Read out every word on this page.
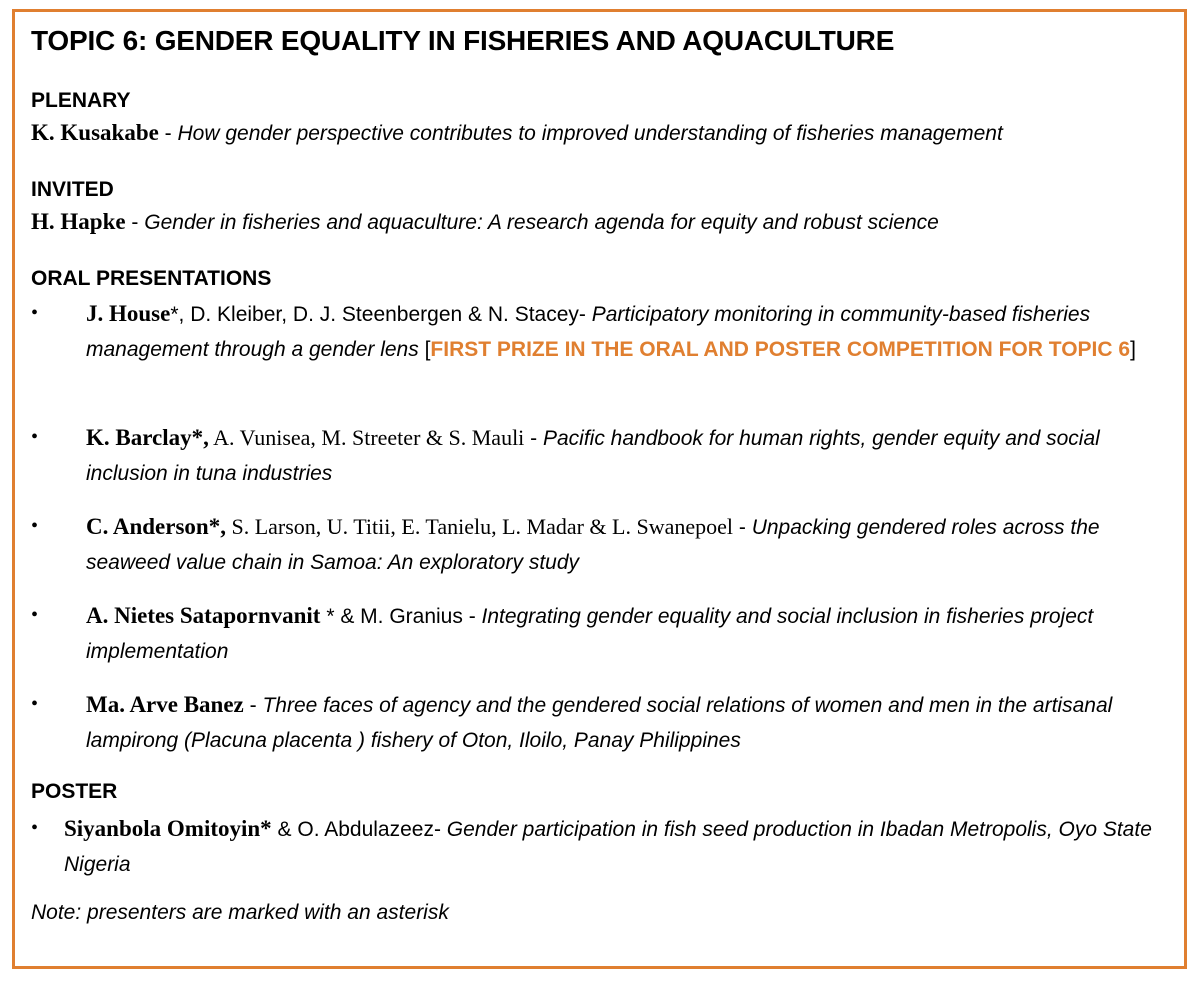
TOPIC 6: GENDER EQUALITY IN FISHERIES AND AQUACULTURE
PLENARY

K. Kusakabe - How gender perspective contributes to improved understanding of fisheries management

INVITED

H. Hapke - Gender in fisheries and aquaculture: A research agenda for equity and robust science

ORAL PRESENTATIONS
• J. House*, D. Kleiber, D. J. Steenbergen & N. Stacey- Participatory monitoring in community-based fisheries management through a gender lens [FIRST PRIZE IN THE ORAL AND POSTER COMPETITION FOR TOPIC 6]

• K. Barclay*, A. Vunisea, M. Streeter & S. Mauli - Pacific handbook for human rights, gender equity and social inclusion in tuna industries

• C. Anderson*, S. Larson, U. Titii, E. Tanielu, L. Madar & L. Swanepoel - Unpacking gendered roles across the seaweed value chain in Samoa: An exploratory study

• A. Nietes Satapornvanit * & M. Granius - Integrating gender equality and social inclusion in fisheries project implementation

• Ma. Arve Banez - Three faces of agency and the gendered social relations of women and men in the artisanal lampirong (Placuna placenta ) fishery of Oton, Iloilo, Panay Philippines

POSTER
• Siyanbola Omitoyin* & O. Abdulazeez- Gender participation in fish seed production in Ibadan Metropolis, Oyo State Nigeria

Note: presenters are marked with an asterisk
